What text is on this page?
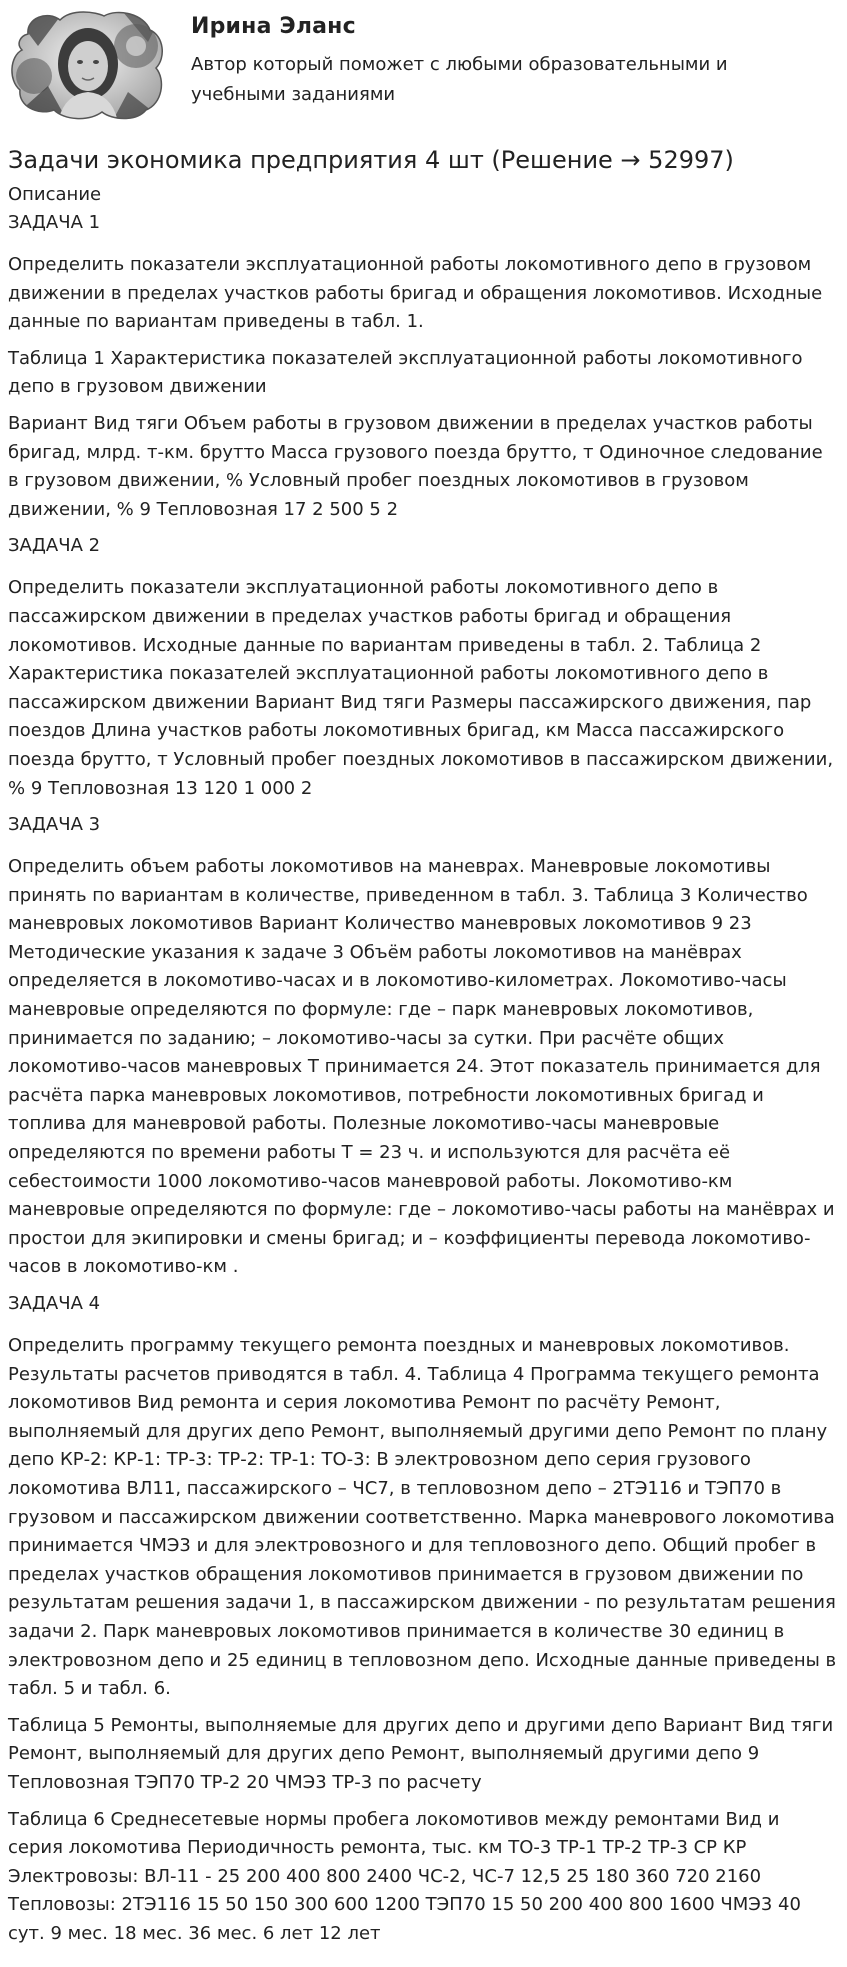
Ирина Эланс
Автор который поможет с любыми образовательными и учебными заданиями
Задачи экономика предприятия 4 шт (Решение → 52997)
Описание
ЗАДАЧА 1

Определить показатели эксплуатационной работы локомотивного депо в грузовом движении в пределах участков работы бригад и обращения локомотивов. Исходные данные по вариантам приведены в табл. 1.

Таблица 1 Характеристика показателей эксплуатационной работы локомотивного депо в грузовом движении

Вариант Вид тяги Объем работы в грузовом движении в пределах участков работы бригад, млрд. т-км. брутто Масса грузового поезда брутто, т Одиночное следование в грузовом движении, % Условный пробег поездных локомотивов в грузовом движении, % 9 Тепловозная 17 2 500 5 2

ЗАДАЧА 2

Определить показатели эксплуатационной работы локомотивного депо в пассажирском движении в пределах участков работы бригад и обращения локомотивов. Исходные данные по вариантам приведены в табл. 2. Таблица 2 Характеристика показателей эксплуатационной работы локомотивного депо в пассажирском движении Вариант Вид тяги Размеры пассажирского движения, пар поездов Длина участков работы локомотивных бригад, км Масса пассажирского поезда брутто, т Условный пробег поездных локомотивов в пассажирском движении, % 9 Тепловозная 13 120 1 000 2

ЗАДАЧА 3

Определить объем работы локомотивов на маневрах. Маневровые локомотивы принять по вариантам в количестве, приведенном в табл. 3. Таблица 3 Количество маневровых локомотивов Вариант Количество маневровых локомотивов 9 23 Методические указания к задаче 3 Объём работы локомотивов на манёврах определяется в локомотиво-часах и в локомотиво-километрах. Локомотиво-часы маневровые определяются по формуле: где – парк маневровых локомотивов, принимается по заданию; – локомотиво-часы за сутки. При расчёте общих локомотиво-часов маневровых Т принимается 24. Этот показатель принимается для расчёта парка маневровых локомотивов, потребности локомотивных бригад и топлива для маневровой работы. Полезные локомотиво-часы маневровые определяются по времени работы Т = 23 ч. и используются для расчёта её себестоимости 1000 локомотиво-часов маневровой работы. Локомотиво-км маневровые определяются по формуле: где – локомотиво-часы работы на манёврах и простои для экипировки и смены бригад; и – коэффициенты перевода локомотиво-часов в локомотиво-км .

ЗАДАЧА 4

Определить программу текущего ремонта поездных и маневровых локомотивов. Результаты расчетов приводятся в табл. 4. Таблица 4 Программа текущего ремонта локомотивов Вид ремонта и серия локомотива Ремонт по расчёту Ремонт, выполняемый для других депо Ремонт, выполняемый другими депо Ремонт по плану депо КР-2: КР-1: ТР-3: ТР-2: ТР-1: ТО-3: В электровозном депо серия грузового локомотива ВЛ11, пассажирского – ЧС7, в тепловозном депо – 2ТЭ116 и ТЭП70 в грузовом и пассажирском движении соответственно. Марка маневрового локомотива принимается ЧМЭ3 и для электровозного и для тепловозного депо. Общий пробег в пределах участков обращения локомотивов принимается в грузовом движении по результатам решения задачи 1, в пассажирском движении - по результатам решения задачи 2. Парк маневровых локомотивов принимается в количестве 30 единиц в электровозном депо и 25 единиц в тепловозном депо. Исходные данные приведены в табл. 5 и табл. 6.

Таблица 5 Ремонты, выполняемые для других депо и другими депо Вариант Вид тяги Ремонт, выполняемый для других депо Ремонт, выполняемый другими депо 9 Тепловозная ТЭП70 ТР-2 20 ЧМЭ3 ТР-3 по расчету

Таблица 6 Среднесетевые нормы пробега локомотивов между ремонтами Вид и серия локомотива Периодичность ремонта, тыс. км ТО-3 ТР-1 ТР-2 ТР-3 СР КР Электровозы: ВЛ-11 - 25 200 400 800 2400 ЧС-2, ЧС-7 12,5 25 180 360 720 2160 Тепловозы: 2ТЭ116 15 50 150 300 600 1200 ТЭП70 15 50 200 400 800 1600 ЧМЭ3 40 сут. 9 мес. 18 мес. 36 мес. 6 лет 12 лет
